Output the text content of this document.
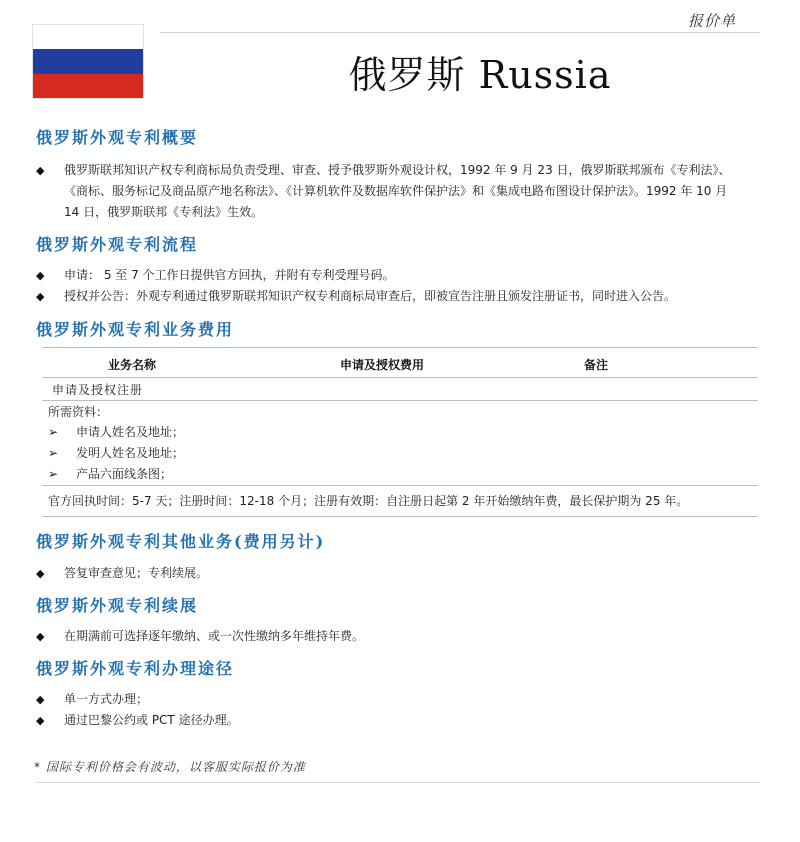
报价单
俄罗斯 Russia
俄罗斯外观专利概要
◆	俄罗斯联邦知识产权专利商标局负责受理、审查、授予俄罗斯外观设计权，1992 年 9 月 23 日，俄罗斯联邦颁布《专利法》、《商标、服务标记及商品原产地名称法》、《计算机软件及数据库软件保护法》和《集成电路布图设计保护法》。1992 年 10 月 14 日，俄罗斯联邦《专利法》生效。
俄罗斯外观专利流程
◆	申请： 5 至 7 个工作日提供官方回执，并附有专利受理号码。
◆	授权并公告：外观专利通过俄罗斯联邦知识产权专利商标局审查后，即被宣告注册且颁发注册证书，同时进入公告。
俄罗斯外观专利业务费用
业务名称	申请及授权费用	备注
申请及授权注册
所需资料：
➢	申请人姓名及地址；
➢	发明人姓名及地址；
➢	产品六面线条图；
官方回执时间：5-7 天；注册时间：12-18 个月；注册有效期：自注册日起第 2 年开始缴纳年费，最长保护期为 25 年。
俄罗斯外观专利其他业务(费用另计)
◆	答复审查意见；专利续展。
俄罗斯外观专利续展
◆	在期满前可选择逐年缴纳、或一次性缴纳多年维持年费。
俄罗斯外观专利办理途径
◆	单一方式办理；
◆	通过巴黎公约或 PCT 途径办理。
* 国际专利价格会有波动，以客服实际报价为准
